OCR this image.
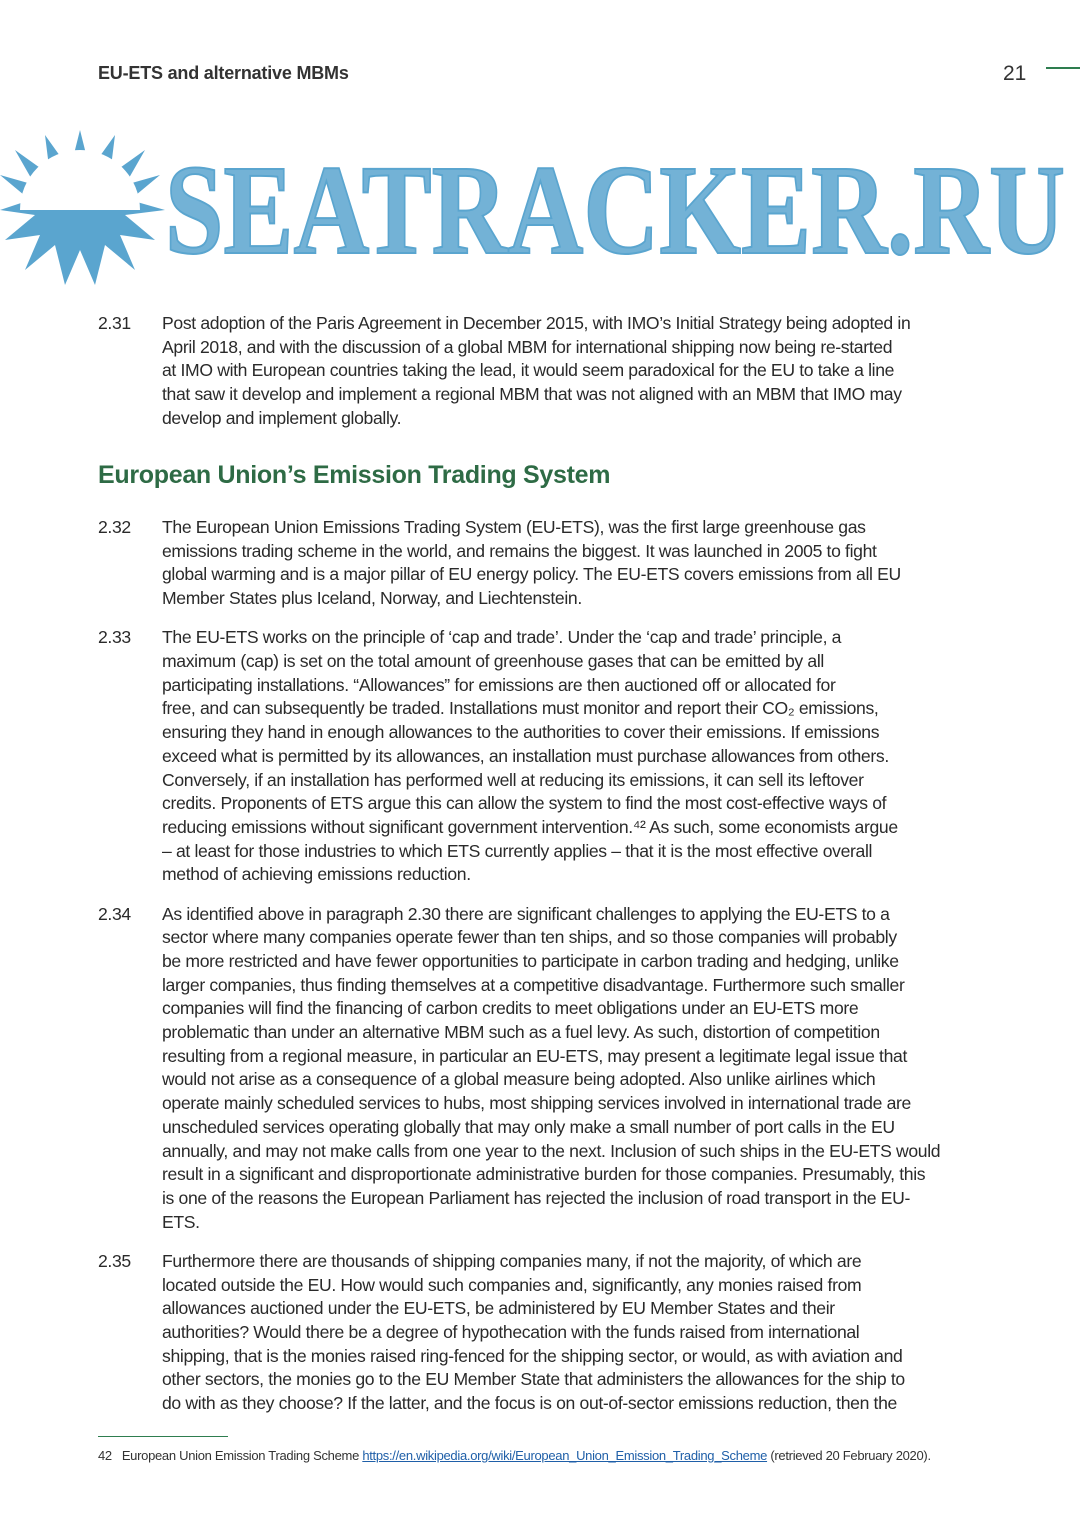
EU-ETS and alternative MBMs	21
SEATRACKER.RU
2.31 Post adoption of the Paris Agreement in December 2015, with IMO’s Initial Strategy being adopted in
April 2018, and with the discussion of a global MBM for international shipping now being re-started
at IMO with European countries taking the lead, it would seem paradoxical for the EU to take a line
that saw it develop and implement a regional MBM that was not aligned with an MBM that IMO may
develop and implement globally.
European Union’s Emission Trading System
2.32 The European Union Emissions Trading System (EU-ETS), was the first large greenhouse gas
emissions trading scheme in the world, and remains the biggest. It was launched in 2005 to fight
global warming and is a major pillar of EU energy policy. The EU-ETS covers emissions from all EU
Member States plus Iceland, Norway, and Liechtenstein.
2.33 The EU-ETS works on the principle of ‘cap and trade’. Under the ‘cap and trade’ principle, a
maximum (cap) is set on the total amount of greenhouse gases that can be emitted by all
participating installations. “Allowances” for emissions are then auctioned off or allocated for
free, and can subsequently be traded. Installations must monitor and report their CO₂ emissions,
ensuring they hand in enough allowances to the authorities to cover their emissions. If emissions
exceed what is permitted by its allowances, an installation must purchase allowances from others.
Conversely, if an installation has performed well at reducing its emissions, it can sell its leftover
credits. Proponents of ETS argue this can allow the system to find the most cost-effective ways of
reducing emissions without significant government intervention.⁴² As such, some economists argue
– at least for those industries to which ETS currently applies – that it is the most effective overall
method of achieving emissions reduction.
2.34 As identified above in paragraph 2.30 there are significant challenges to applying the EU-ETS to a
sector where many companies operate fewer than ten ships, and so those companies will probably
be more restricted and have fewer opportunities to participate in carbon trading and hedging, unlike
larger companies, thus finding themselves at a competitive disadvantage. Furthermore such smaller
companies will find the financing of carbon credits to meet obligations under an EU-ETS more
problematic than under an alternative MBM such as a fuel levy. As such, distortion of competition
resulting from a regional measure, in particular an EU-ETS, may present a legitimate legal issue that
would not arise as a consequence of a global measure being adopted. Also unlike airlines which
operate mainly scheduled services to hubs, most shipping services involved in international trade are
unscheduled services operating globally that may only make a small number of port calls in the EU
annually, and may not make calls from one year to the next. Inclusion of such ships in the EU-ETS would
result in a significant and disproportionate administrative burden for those companies. Presumably, this
is one of the reasons the European Parliament has rejected the inclusion of road transport in the EU-
ETS.
2.35 Furthermore there are thousands of shipping companies many, if not the majority, of which are
located outside the EU. How would such companies and, significantly, any monies raised from
allowances auctioned under the EU-ETS, be administered by EU Member States and their
authorities? Would there be a degree of hypothecation with the funds raised from international
shipping, that is the monies raised ring-fenced for the shipping sector, or would, as with aviation and
other sectors, the monies go to the EU Member State that administers the allowances for the ship to
do with as they choose? If the latter, and the focus is on out-of-sector emissions reduction, then the
42 European Union Emission Trading Scheme https://en.wikipedia.org/wiki/European_Union_Emission_Trading_Scheme (retrieved 20 February 2020).
